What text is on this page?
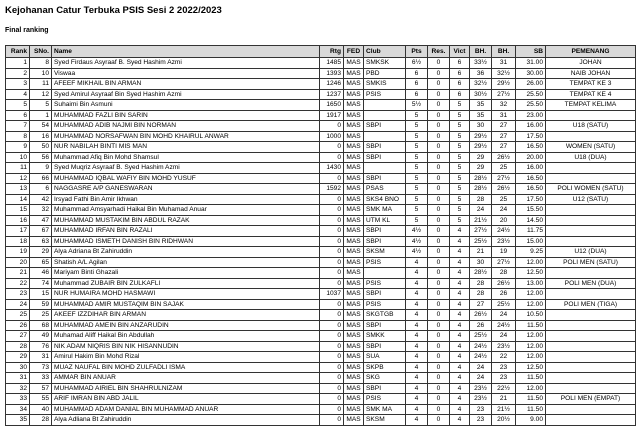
Kejohanan Catur Terbuka PSIS Sesi 2 2022/2023
Final ranking
Rank	SNo.	Name	Rtg	FED	Club	Pts	Res.	Vict	BH.	BH.	SB	PEMENANG
1	8	Syed Firdaus Asyraaf B. Syed Hashim Azmi	1485	MAS	SMKSK	6½	0	6	33½	31	31.00	JOHAN
2	10	Viswaa	1393	MAS	PBD	6	0	6	36	32½	30.00	NAIB JOHAN
3	11	AFEEF MIKHAIL BIN ARMAN	1246	MAS	SMKIS	6	0	6	32½	29½	26.00	TEMPAT KE 3
4	12	Syed Amirul Asyraaf Bin Syed Hashim Azmi	1237	MAS	PSIS	6	0	6	30½	27½	25.50	TEMPAT KE 4
5	5	Suhaimi Bin Asmuni	1650	MAS		5½	0	5	35	32	25.50	TEMPAT KELIMA
6	1	MUHAMMAD FAZLI BIN SARIN	1917	MAS		5	0	5	35	31	23.00	
7	54	MUHAMMAD ADIB NAJMI BIN NORMAN	0	MAS	SBPI	5	0	5	30	27	16.00	U18 (SATU)
8	16	MUHAMMAD NORSAFWAN BIN MOHD KHAIRUL ANWAR	1000	MAS		5	0	5	29½	27	17.50	
9	50	NUR NABILAH BINTI MIS MAN	0	MAS	SBPI	5	0	5	29½	27	16.50	WOMEN (SATU)
10	56	Muhammad Afiq Bin Mohd Shamsul	0	MAS	SBPI	5	0	5	29	26½	20.00	U18 (DUA)
11	9	Syed Muqriz Asyraaf B. Syed Hashim Azmi	1430	MAS		5	0	5	29	25	16.00	
12	66	MUHAMMAD IQBAL WAFIY BIN MOHD YUSUF	0	MAS	SBPI	5	0	5	28½	27½	16.50	
13	6	NAGGASRE A/P GANESWARAN	1592	MAS	PSAS	5	0	5	28½	26½	16.50	POLI WOMEN (SATU)
14	42	Irsyad Fathi Bin Amir Ikhwan	0	MAS	SKS4 BNO	5	0	5	28	25	17.50	U12 (SATU)
15	32	Muhammad Amsyarhadi Haikal Bin Muhamad Anuar	0	MAS	SMK MA	5	0	5	24	24	15.50	
16	47	MUHAMMAD MUSTAKIM BIN ABDUL RAZAK	0	MAS	UTM KL	5	0	5	21½	20	14.50	
17	67	MUHAMMAD IRFAN BIN RAZALI	0	MAS	SBPI	4½	0	4	27½	24½	11.75	
18	63	MUHAMMAD ISMETH DANISH BIN RIDHWAN	0	MAS	SBPI	4½	0	4	25½	23½	15.00	
19	29	Alya Adriana Bt Zahiruddin	0	MAS	SKSM	4½	0	4	21	19	9.25	U12 (DUA)
20	65	Shatish A/L Agilan	0	MAS	PSIS	4	0	4	30	27½	12.00	POLI MEN (SATU)
21	46	Mariyam Binti Ghazali	0	MAS		4	0	4	28½	28	12.50	
22	74	Muhammad ZUBAIR BIN ZULKAFLI	0	MAS	PSIS	4	0	4	28	26½	13.00	POLI MEN (DUA)
23	15	NUR HUMAIRA MOHD HASMAWI	1037	MAS	SBPI	4	0	4	28	26	12.00	
24	59	MUHAMMAD AMIR MUSTAQIM BIN SAJAK	0	MAS	PSIS	4	0	4	27	25½	12.00	POLI MEN (TIGA)
25	25	AKEEF IZZDIHAR BIN ARMAN	0	MAS	SKGTGB	4	0	4	26½	24	10.50	
26	68	MUHAMMAD AMEIN BIN ANZARUDIN	0	MAS	SBPI	4	0	4	26	24½	11.50	
27	49	Muhamad Aliff Haikal Bin Abdullah	0	MAS	SMKK	4	0	4	25½	24	12.00	
28	76	NIK ADAM NIQRIS BIN NIK HISANNUDIN	0	MAS	SBPI	4	0	4	24½	23½	12.00	
29	31	Amirul Hakim Bin Mohd Rizal	0	MAS	SUA	4	0	4	24½	22	12.00	
30	73	MUAZ NAUFAL BIN MOHD ZULFADLI ISMA	0	MAS	SKPB	4	0	4	24	23	12.50	
31	33	AMMAR BIN ANUAR	0	MAS	SKG	4	0	4	24	23	11.50	
32	57	MUHAMMAD AIRIEL BIN SHAHRULNIZAM	0	MAS	SBPI	4	0	4	23½	22½	12.00	
33	55	ARIF IMRAN BIN ABD JALIL	0	MAS	PSIS	4	0	4	23½	21	11.50	POLI MEN (EMPAT)
34	40	MUHAMMAD ADAM DANIAL BIN MUHAMMAD ANUAR	0	MAS	SMK MA	4	0	4	23	21½	11.50	
35	28	Alya Adliana Bt Zahiruddin	0	MAS	SKSM	4	0	4	23	20½	9.00	
